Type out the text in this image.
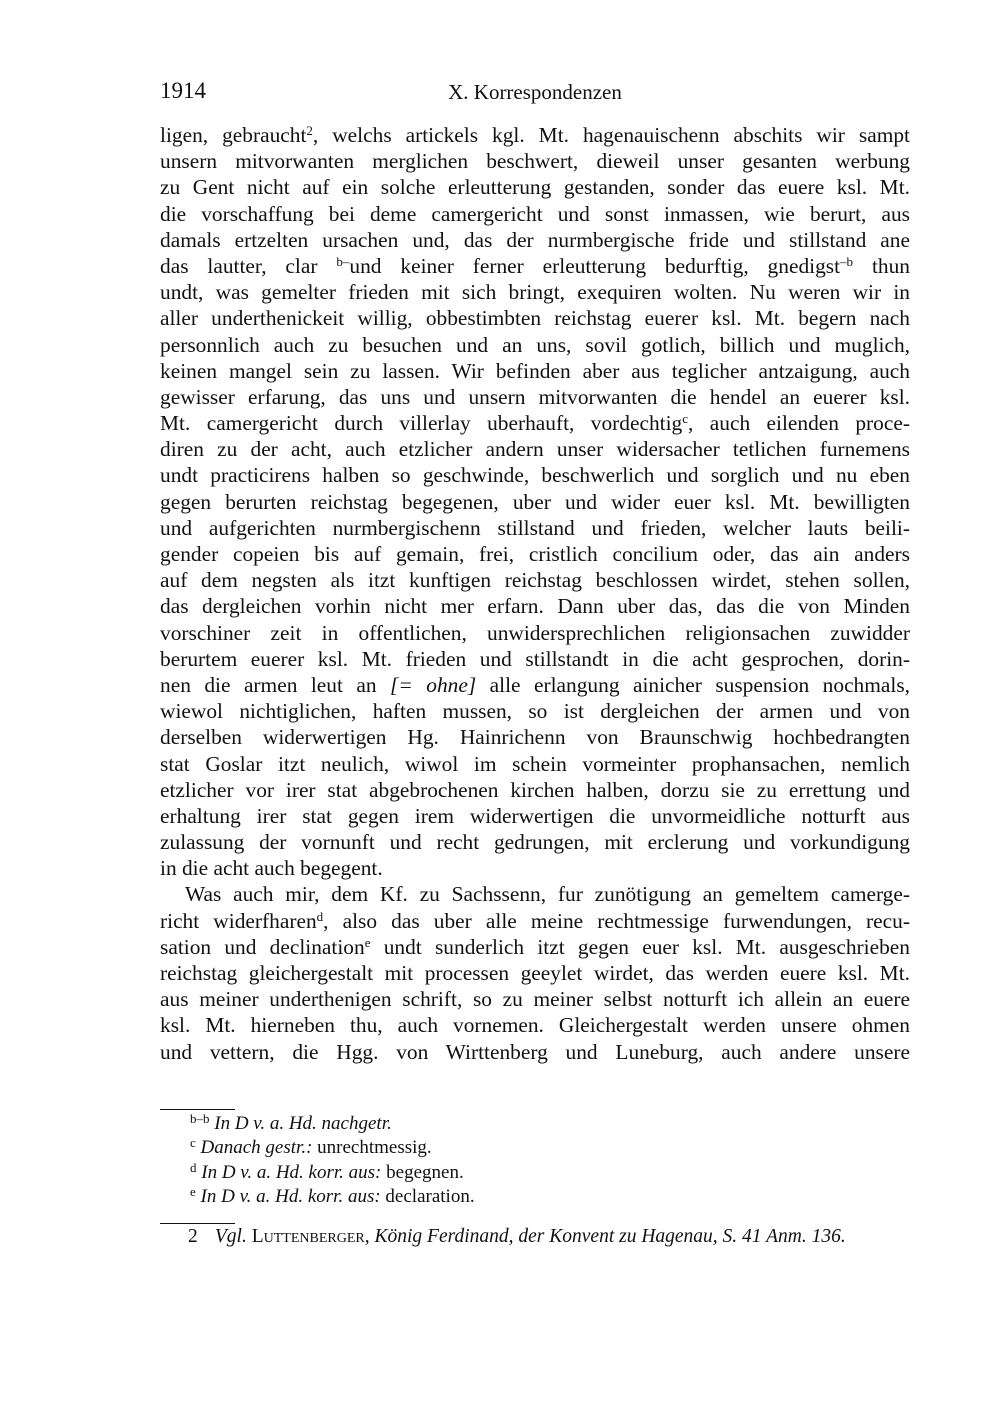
1914	X. Korrespondenzen
ligen, gebraucht$^2$, welchs artickels kgl. Mt. hagenauischenn abschits wir sampt
unsern mitvorwanten merglichen beschwert, dieweil unser gesanten werbung
zu Gent nicht auf ein solche erleutterung gestanden, sonder das euere ksl. Mt.
die vorschaffung bei deme camergericht und sonst inmassen, wie berurt, aus
damals ertzelten ursachen und, das der nurmbergische fride und stillstand ane
das lautter, clar $^{b-}$und keiner ferner erleutterung bedurftig, gnedigst$^{-b}$ thun
undt, was gemelter frieden mit sich bringt, exequiren wolten. Nu weren wir in
aller underthenickeit willig, obbestimbten reichstag euerer ksl. Mt. begern nach
personnlich auch zu besuchen und an uns, sovil gotlich, billich und muglich,
keinen mangel sein zu lassen. Wir befinden aber aus teglicher antzaigung, auch
gewisser erfarung, das uns und unsern mitvorwanten die hendel an euerer ksl.
Mt. camergericht durch villerlay uberhauft, vordechtig$^c$, auch eilenden proce-
diren zu der acht, auch etzlicher andern unser widersacher tetlichen furnemens
undt practicirens halben so geschwinde, beschwerlich und sorglich und nu eben
gegen berurten reichstag begegenen, uber und wider euer ksl. Mt. bewilligten
und aufgerichten nurmbergischenn stillstand und frieden, welcher lauts beili-
gender copeien bis auf gemain, frei, cristlich concilium oder, das ain anders
auf dem negsten als itzt kunftigen reichstag beschlossen wirdet, stehen sollen,
das dergleichen vorhin nicht mer erfarn. Dann uber das, das die von Minden
vorschiner zeit in offentlichen, unwidersprechlichen religionsachen zuwidder
berurtem euerer ksl. Mt. frieden und stillstandt in die acht gesprochen, dorin-
nen die armen leut an [= ohne] alle erlangung ainicher suspension nochmals,
wiewol nichtiglichen, haften mussen, so ist dergleichen der armen und von
derselben widerwertigen Hg. Hainrichenn von Braunschwig hochbedrangten
stat Goslar itzt neulich, wiwol im schein vormeinter prophansachen, nemlich
etzlicher vor irer stat abgebrochenen kirchen halben, dorzu sie zu errettung und
erhaltung irer stat gegen irem widerwertigen die unvormeidliche notturft aus
zulassung der vornunft und recht gedrungen, mit erclerung und vorkundigung
in die acht auch begegent.
Was auch mir, dem Kf. zu Sachssenn, fur zunötigung an gemeltem camerge-
richt widerfharen$^d$, also das uber alle meine rechtmessige furwendungen, recu-
sation und declination$^e$ undt sunderlich itzt gegen euer ksl. Mt. ausgeschrieben
reichstag gleichergestalt mit processen geeylet wirdet, das werden euere ksl. Mt.
aus meiner underthenigen schrift, so zu meiner selbst notturft ich allein an euere
ksl. Mt. hierneben thu, auch vornemen. Gleichergestalt werden unsere ohmen
und vettern, die Hgg. von Wirttenberg und Luneburg, auch andere unsere
$^{b-b}$ In D v. a. Hd. nachgetr.
$^c$ Danach gestr.: unrechtmessig.
$^d$ In D v. a. Hd. korr. aus: begegnen.
$^e$ In D v. a. Hd. korr. aus: declaration.
2 Vgl. Luttenberger, König Ferdinand, der Konvent zu Hagenau, S. 41 Anm. 136.
